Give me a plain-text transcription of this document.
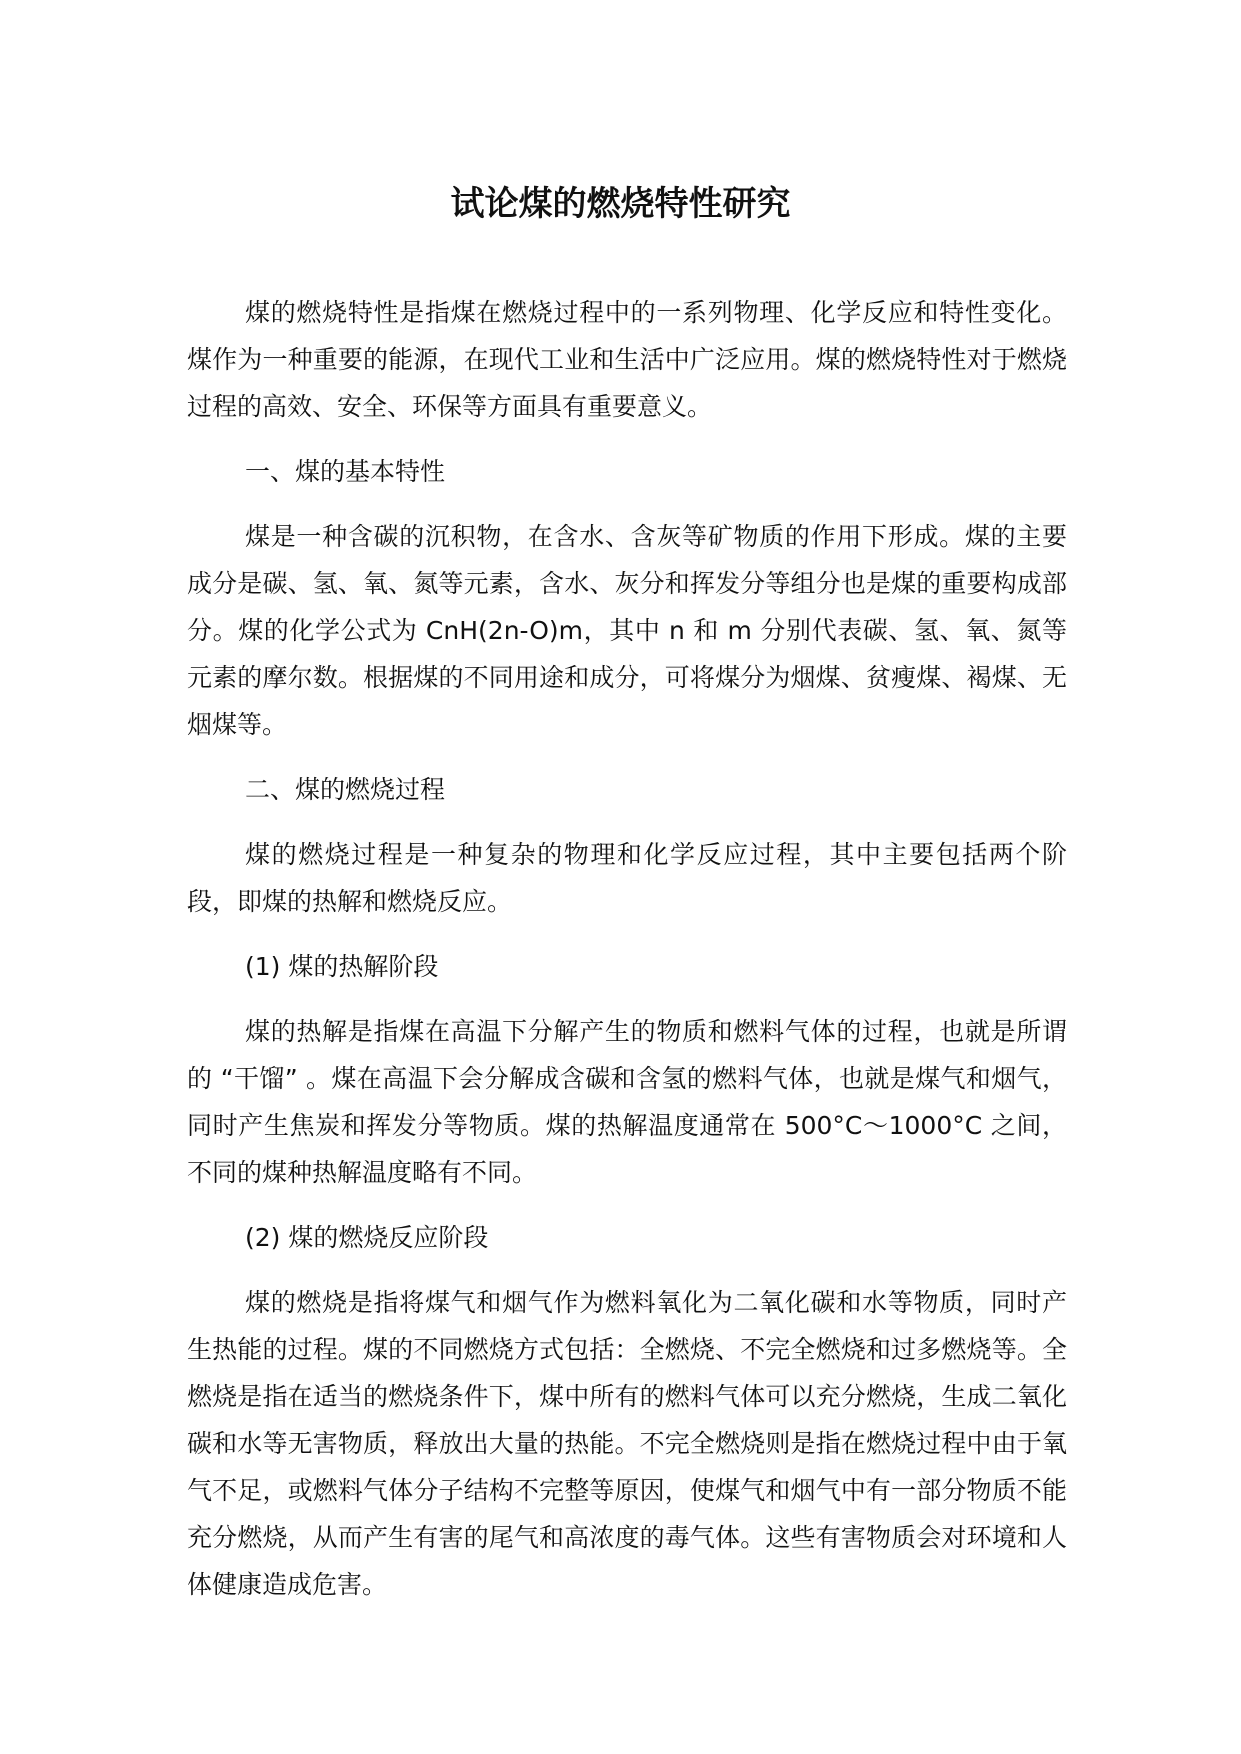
试论煤的燃烧特性研究

煤的燃烧特性是指煤在燃烧过程中的一系列物理、化学反应和特性变化。煤作为一种重要的能源，在现代工业和生活中广泛应用。煤的燃烧特性对于燃烧过程的高效、安全、环保等方面具有重要意义。

一、煤的基本特性

煤是一种含碳的沉积物，在含水、含灰等矿物质的作用下形成。煤的主要成分是碳、氢、氧、氮等元素，含水、灰分和挥发分等组分也是煤的重要构成部分。煤的化学公式为 CnH(2n-O)m，其中 n 和 m 分别代表碳、氢、氧、氮等元素的摩尔数。根据煤的不同用途和成分，可将煤分为烟煤、贫瘦煤、褐煤、无烟煤等。

二、煤的燃烧过程

煤的燃烧过程是一种复杂的物理和化学反应过程，其中主要包括两个阶段，即煤的热解和燃烧反应。

(1) 煤的热解阶段

煤的热解是指煤在高温下分解产生的物质和燃料气体的过程，也就是所谓的 “干馏” 。煤在高温下会分解成含碳和含氢的燃料气体，也就是煤气和烟气，同时产生焦炭和挥发分等物质。煤的热解温度通常在 500°C～1000°C 之间，不同的煤种热解温度略有不同。

(2) 煤的燃烧反应阶段

煤的燃烧是指将煤气和烟气作为燃料氧化为二氧化碳和水等物质，同时产生热能的过程。煤的不同燃烧方式包括：全燃烧、不完全燃烧和过多燃烧等。全燃烧是指在适当的燃烧条件下，煤中所有的燃料气体可以充分燃烧，生成二氧化碳和水等无害物质，释放出大量的热能。不完全燃烧则是指在燃烧过程中由于氧气不足，或燃料气体分子结构不完整等原因，使煤气和烟气中有一部分物质不能充分燃烧，从而产生有害的尾气和高浓度的毒气体。这些有害物质会对环境和人体健康造成危害。
